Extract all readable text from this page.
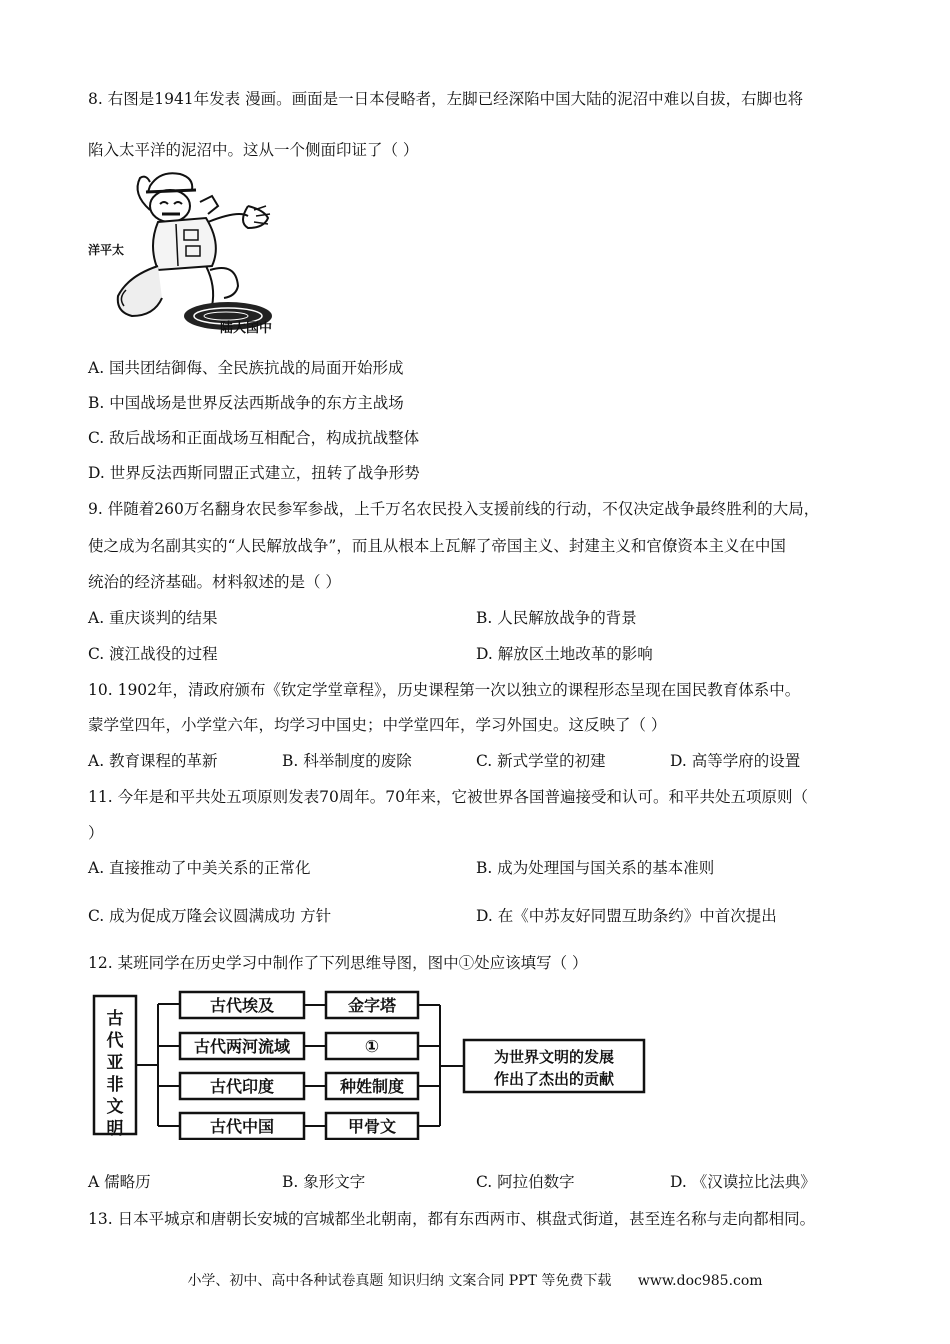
8. 右图是1941年发表 漫画。画面是一日本侵略者，左脚已经深陷中国大陆的泥沼中难以自拔，右脚也将
陷入太平洋的泥沼中。这从一个侧面印证了（ ）
洋平太
陆大国中
A. 国共团结御侮、全民族抗战的局面开始形成
B. 中国战场是世界反法西斯战争的东方主战场
C. 敌后战场和正面战场互相配合，构成抗战整体
D. 世界反法西斯同盟正式建立，扭转了战争形势
9. 伴随着260万名翻身农民参军参战，上千万名农民投入支援前线的行动，不仅决定战争最终胜利的大局，
使之成为名副其实的“人民解放战争”，而且从根本上瓦解了帝国主义、封建主义和官僚资本主义在中国
统治的经济基础。材料叙述的是（ ）
A. 重庆谈判的结果	B. 人民解放战争的背景
C. 渡江战役的过程	D. 解放区土地改革的影响
10. 1902年，清政府颁布《钦定学堂章程》，历史课程第一次以独立的课程形态呈现在国民教育体系中。
蒙学堂四年，小学堂六年，均学习中国史；中学堂四年，学习外国史。这反映了（ ）
A. 教育课程的革新	B. 科举制度的废除	C. 新式学堂的初建	D. 高等学府的设置
11. 今年是和平共处五项原则发表70周年。70年来，它被世界各国普遍接受和认可。和平共处五项原则（
）
A. 直接推动了中美关系的正常化	B. 成为处理国与国关系的基本准则
C. 成为促成万隆会议圆满成功 方针	D. 在《中苏友好同盟互助条约》中首次提出
12. 某班同学在历史学习中制作了下列思维导图，图中①处应该填写（ ）
古代亚非文明
古代埃及
古代两河流域
古代印度
古代中国
金字塔
①
种姓制度
甲骨文
为世界文明的发展
作出了杰出的贡献
A 儒略历	B. 象形文字	C. 阿拉伯数字	D. 《汉谟拉比法典》
13. 日本平城京和唐朝长安城的宫城都坐北朝南，都有东西两市、棋盘式街道，甚至连名称与走向都相同。
小学、初中、高中各种试卷真题 知识归纳 文案合同 PPT 等免费下载 www.doc985.com
